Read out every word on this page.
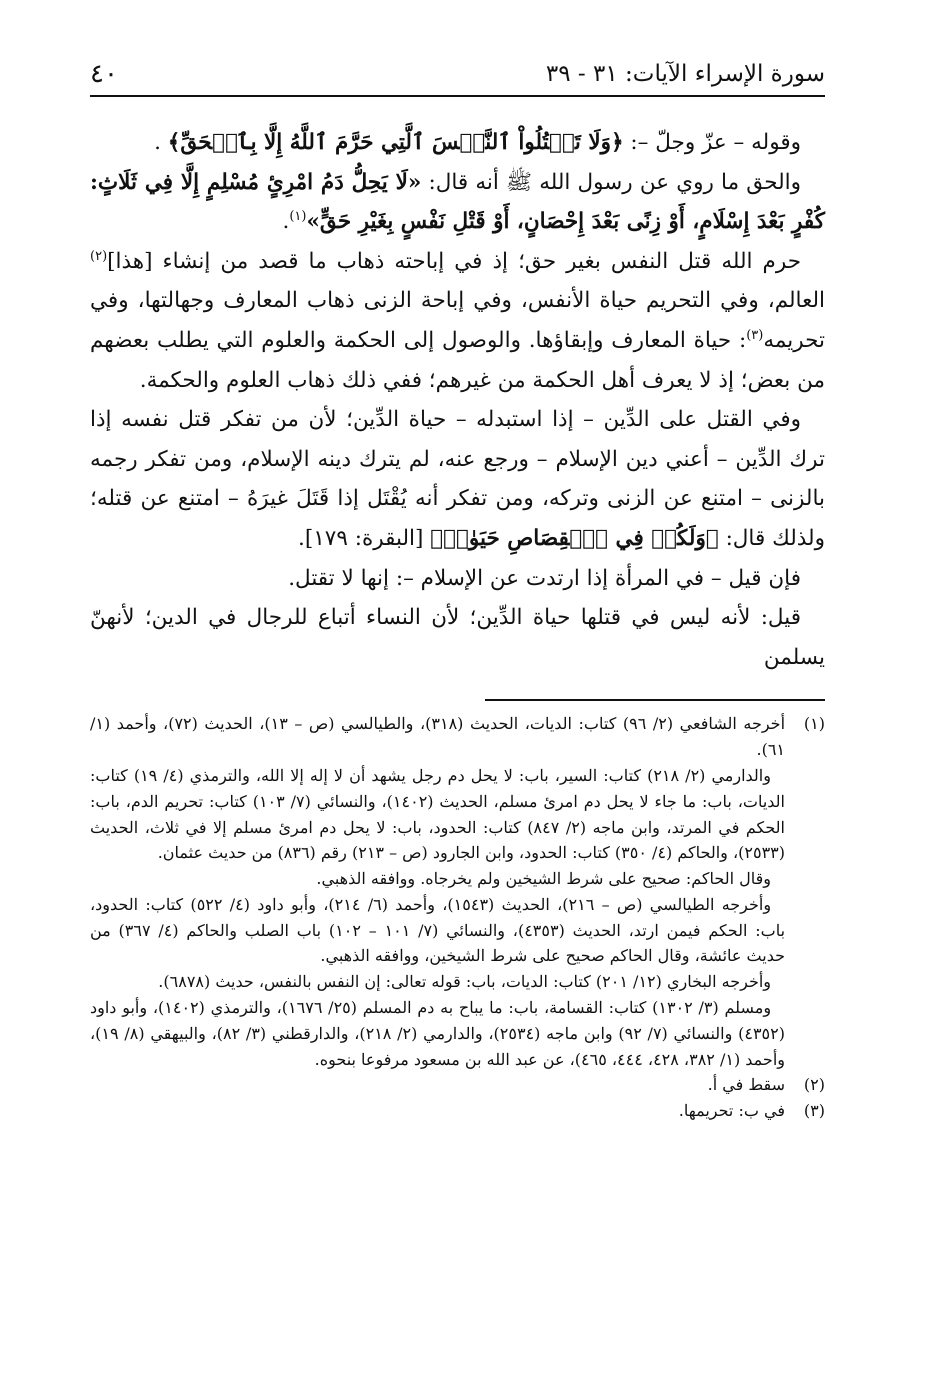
سورة الإسراء الآيات: ٣١ - ٣٩
٤٠

وقوله – عزّ وجلّ –: ﴿وَلَا تَقۡتُلُواْ ٱلنَّفۡسَ ٱلَّتِي حَرَّمَ ٱللَّهُ إِلَّا بِٱلۡحَقِّ﴾ .

والحق ما روي عن رسول الله ﷺ أنه قال: «لَا يَحِلُّ دَمُ امْرِئٍ مُسْلِمٍ إِلَّا فِي ثَلَاثٍ: كُفْرٍ بَعْدَ إِسْلَامٍ، أَوْ زِنًى بَعْدَ إِحْصَانٍ، أَوْ قَتْلِ نَفْسٍ بِغَيْرِ حَقٍّ»$^{(١)}$.

حرم الله قتل النفس بغير حق؛ إذ في إباحته ذهاب ما قصد من إنشاء [هذا]$^{(٢)}$ العالم، وفي التحريم حياة الأنفس، وفي إباحة الزنى ذهاب المعارف وجهالتها، وفي تحريمه$^{(٣)}$: حياة المعارف وإبقاؤها. والوصول إلى الحكمة والعلوم التي يطلب بعضهم من بعض؛ إذ لا يعرف أهل الحكمة من غيرهم؛ ففي ذلك ذهاب العلوم والحكمة.

وفي القتل على الدِّين – إذا استبدله – حياة الدِّين؛ لأن من تفكر قتل نفسه إذا ترك الدِّين – أعني دين الإسلام – ورجع عنه، لم يترك دينه الإسلام، ومن تفكر رجمه بالزنى – امتنع عن الزنى وتركه، ومن تفكر أنه يُقْتَل إذا قَتَلَ غيرَهُ – امتنع عن قتله؛ ولذلك قال: ﴿وَلَكُمۡ فِي ٱلۡقِصَاصِ حَيَوٰةٞ﴾ [البقرة: ١٧٩].

فإن قيل – في المرأة إذا ارتدت عن الإسلام –: إنها لا تقتل.

قيل: لأنه ليس في قتلها حياة الدِّين؛ لأن النساء أتباع للرجال في الدين؛ لأنهنّ يسلمن

(١)
أخرجه الشافعي (٢/ ٩٦) كتاب: الديات، الحديث (٣١٨)، والطيالسي (ص – ١٣)، الحديث (٧٢)، وأحمد (١/ ٦١).

والدارمي (٢/ ٢١٨) كتاب: السير، باب: لا يحل دم رجل يشهد أن لا إله إلا الله، والترمذي (٤/ ١٩) كتاب: الديات، باب: ما جاء لا يحل دم امرئ مسلم، الحديث (١٤٠٢)، والنسائي (٧/ ١٠٣) كتاب: تحريم الدم، باب: الحكم في المرتد، وابن ماجه (٢/ ٨٤٧) كتاب: الحدود، باب: لا يحل دم امرئ مسلم إلا في ثلاث، الحديث (٢٥٣٣)، والحاكم (٤/ ٣٥٠) كتاب: الحدود، وابن الجارود (ص – ٢١٣) رقم (٨٣٦) من حديث عثمان.

وقال الحاكم: صحيح على شرط الشيخين ولم يخرجاه. ووافقه الذهبي.

وأخرجه الطيالسي (ص – ٢١٦)، الحديث (١٥٤٣)، وأحمد (٦/ ٢١٤)، وأبو داود (٤/ ٥٢٢) كتاب: الحدود، باب: الحكم فيمن ارتد، الحديث (٤٣٥٣)، والنسائي (٧/ ١٠١ – ١٠٢) باب الصلب والحاكم (٤/ ٣٦٧) من حديث عائشة، وقال الحاكم صحيح على شرط الشيخين، ووافقه الذهبي.

وأخرجه البخاري (١٢/ ٢٠١) كتاب: الديات، باب: قوله تعالى: إن النفس بالنفس، حديث (٦٨٧٨).

ومسلم (٣/ ١٣٠٢) كتاب: القسامة، باب: ما يباح به دم المسلم (٢٥/ ١٦٧٦)، والترمذي (١٤٠٢)، وأبو داود (٤٣٥٢) والنسائي (٧/ ٩٢) وابن ماجه (٢٥٣٤)، والدارمي (٢/ ٢١٨)، والدارقطني (٣/ ٨٢)، والبيهقي (٨/ ١٩)، وأحمد (١/ ٣٨٢، ٤٢٨، ٤٤٤، ٤٦٥)، عن عبد الله بن مسعود مرفوعا بنحوه.

(٢)
سقط في أ.
(٣)
في ب: تحريمها.
